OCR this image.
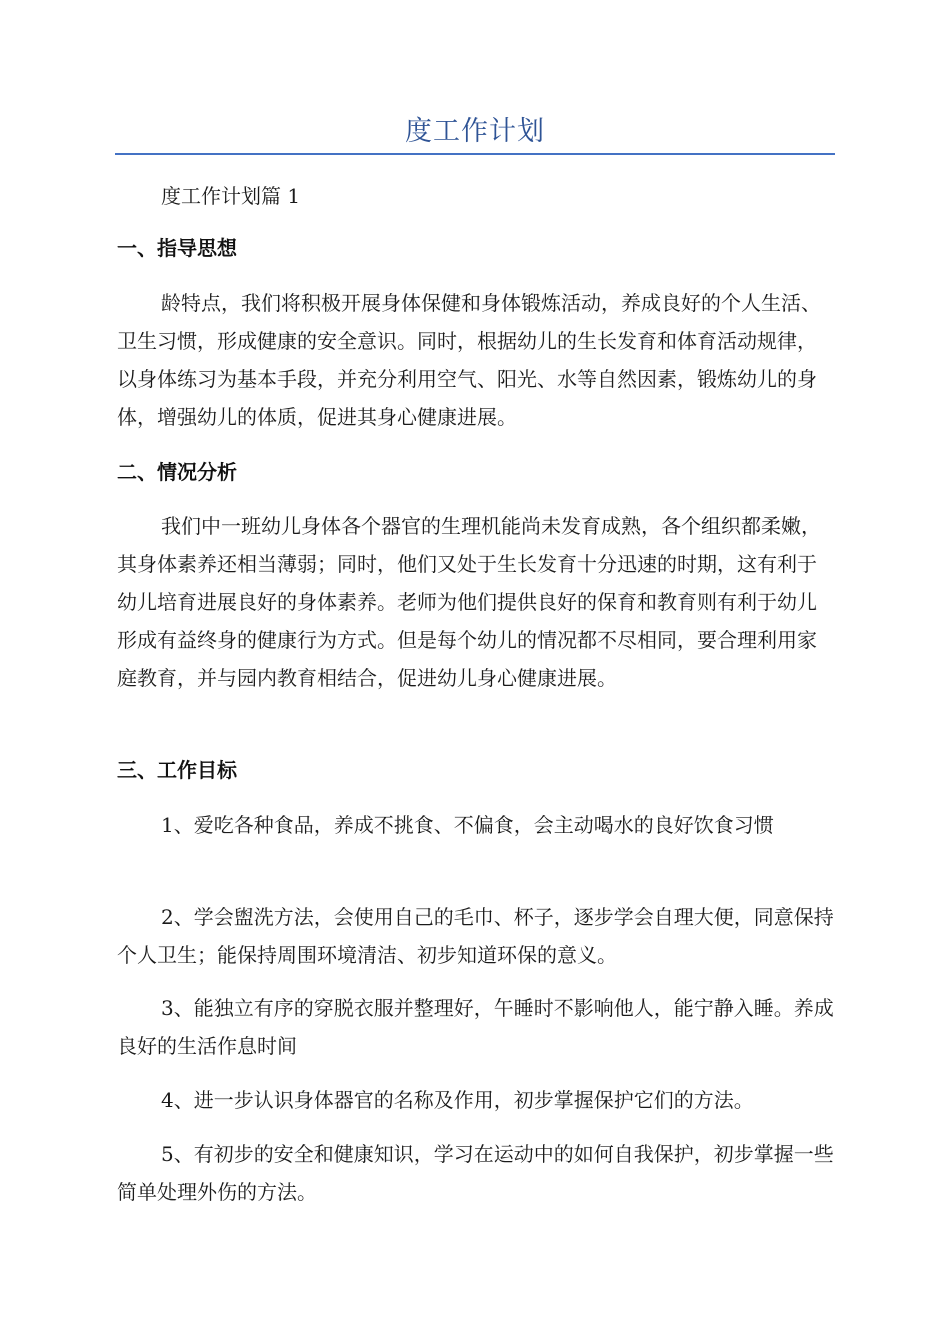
度工作计划

度工作计划篇 1

一、指导思想

龄特点，我们将积极开展身体保健和身体锻炼活动，养成良好的个人生活、卫生习惯，形成健康的安全意识。同时，根据幼儿的生长发育和体育活动规律，以身体练习为基本手段，并充分利用空气、阳光、水等自然因素，锻炼幼儿的身体，增强幼儿的体质，促进其身心健康进展。

二、情况分析

我们中一班幼儿身体各个器官的生理机能尚未发育成熟，各个组织都柔嫩，其身体素养还相当薄弱；同时，他们又处于生长发育十分迅速的时期，这有利于幼儿培育进展良好的身体素养。老师为他们提供良好的保育和教育则有利于幼儿形成有益终身的健康行为方式。但是每个幼儿的情况都不尽相同，要合理利用家庭教育，并与园内教育相结合，促进幼儿身心健康进展。

三、工作目标

1、爱吃各种食品，养成不挑食、不偏食，会主动喝水的良好饮食习惯

2、学会盥洗方法，会使用自己的毛巾、杯子，逐步学会自理大便，同意保持个人卫生；能保持周围环境清洁、初步知道环保的意义。

3、能独立有序的穿脱衣服并整理好，午睡时不影响他人，能宁静入睡。养成良好的生活作息时间

4、进一步认识身体器官的名称及作用，初步掌握保护它们的方法。

5、有初步的安全和健康知识，学习在运动中的如何自我保护，初步掌握一些简单处理外伤的方法。
